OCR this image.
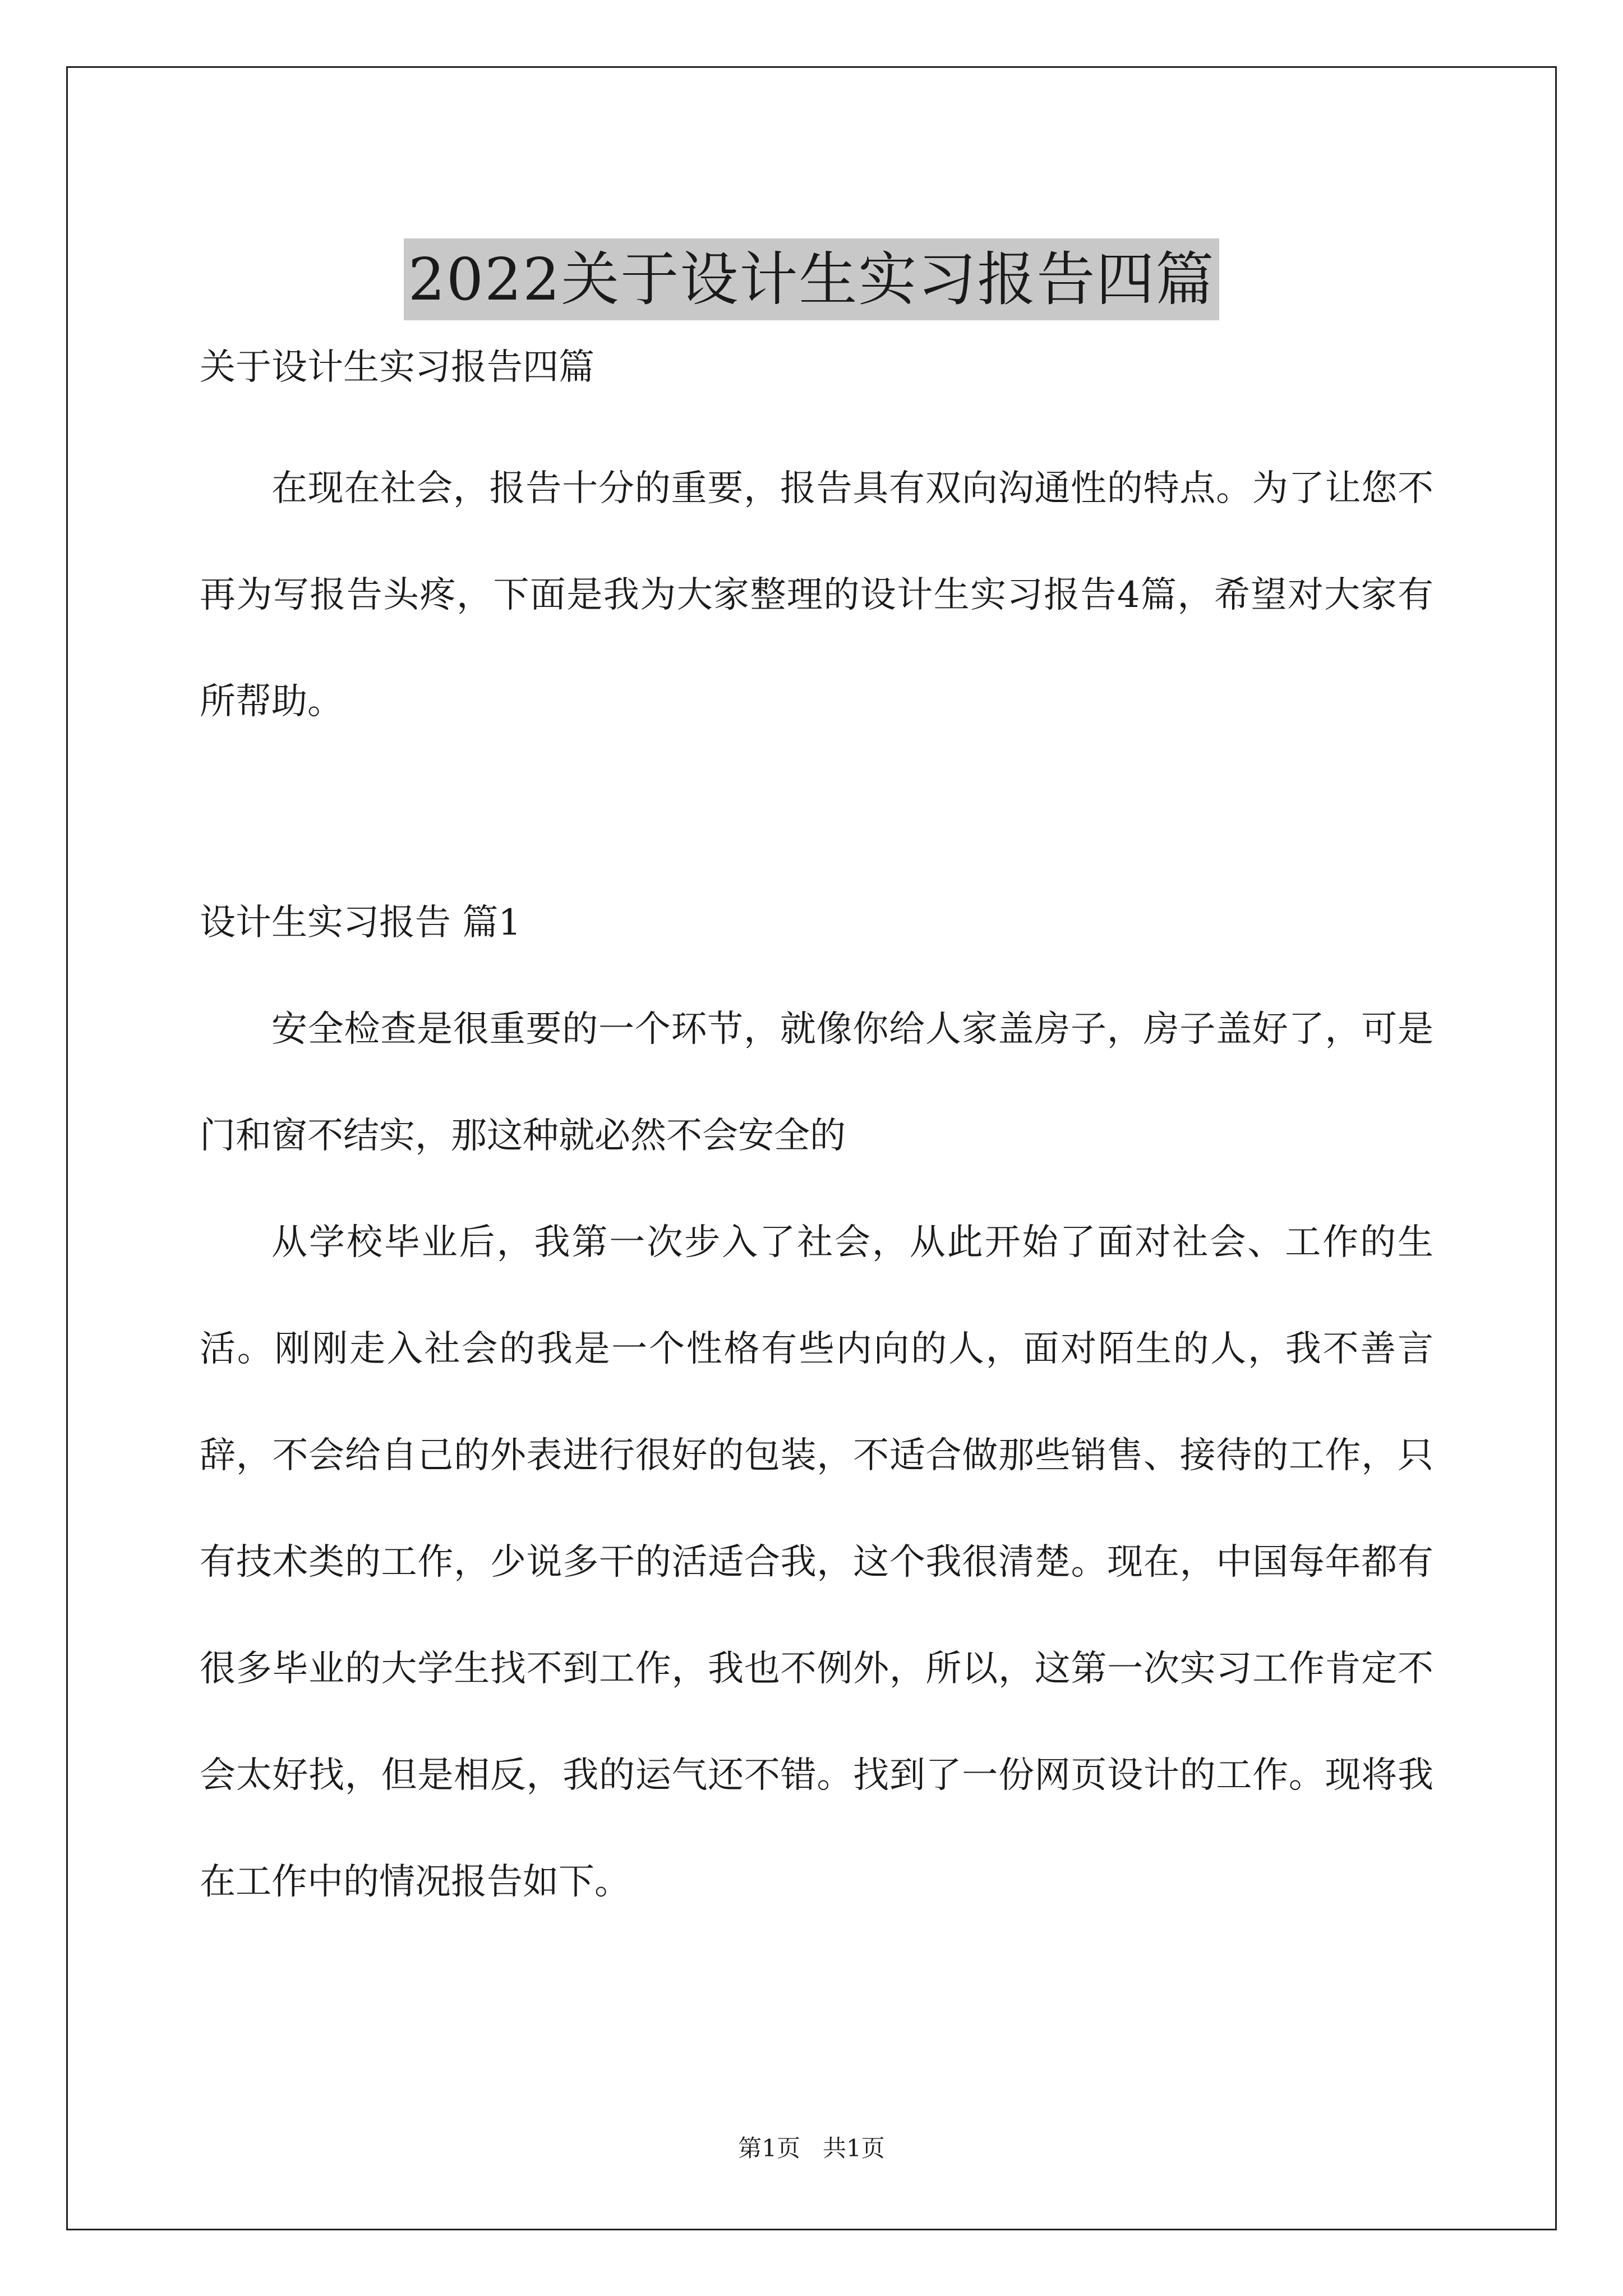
2022关于设计生实习报告四篇

关于设计生实习报告四篇

在现在社会，报告十分的重要，报告具有双向沟通性的特点。为了让您不再为写报告头疼，下面是我为大家整理的设计生实习报告4篇，希望对大家有所帮助。

设计生实习报告 篇1

安全检查是很重要的一个环节，就像你给人家盖房子，房子盖好了，可是门和窗不结实，那这种就必然不会安全的

从学校毕业后，我第一次步入了社会，从此开始了面对社会、工作的生活。刚刚走入社会的我是一个性格有些内向的人，面对陌生的人，我不善言辞，不会给自己的外表进行很好的包装，不适合做那些销售、接待的工作，只有技术类的工作，少说多干的活适合我，这个我很清楚。现在，中国每年都有很多毕业的大学生找不到工作，我也不例外，所以，这第一次实习工作肯定不会太好找，但是相反，我的运气还不错。找到了一份网页设计的工作。现将我在工作中的情况报告如下。

第1页   共1页
